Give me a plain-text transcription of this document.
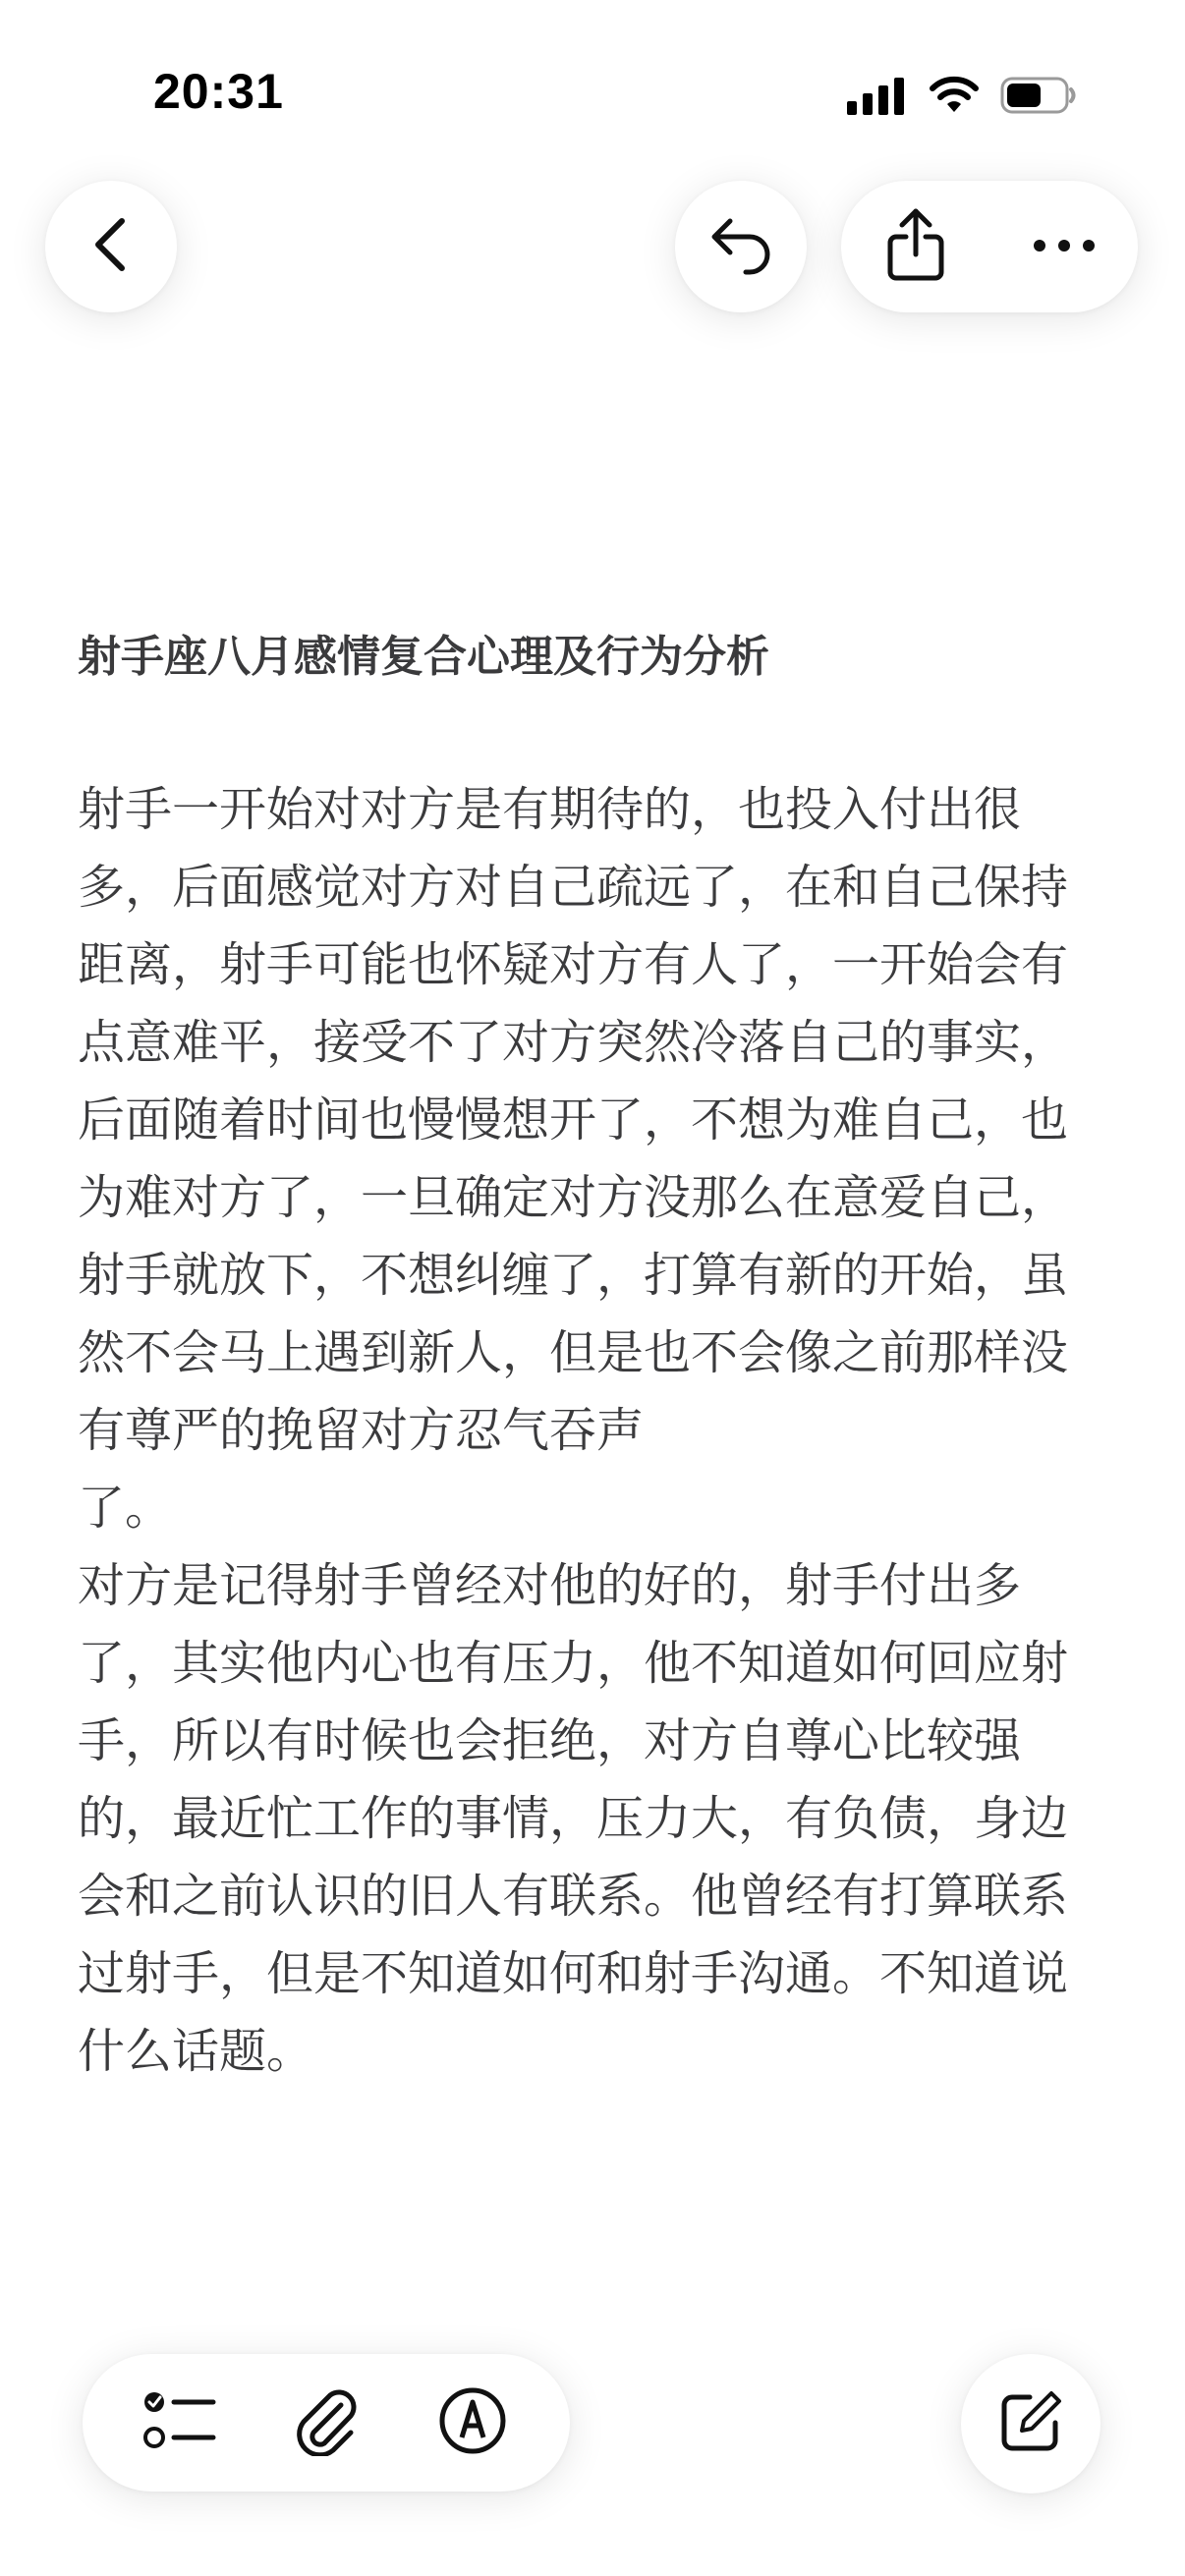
20:31
射手座八月感情复合心理及行为分析

射手一开始对对方是有期待的，也投入付出很多，后面感觉对方对自己疏远了，在和自己保持距离，射手可能也怀疑对方有人了，一开始会有点意难平，接受不了对方突然冷落自己的事实，后面随着时间也慢慢想开了，不想为难自己，也为难对方了，一旦确定对方没那么在意爱自己，射手就放下，不想纠缠了，打算有新的开始，虽然不会马上遇到新人，但是也不会像之前那样没有尊严的挽留对方忍气吞声
了。

对方是记得射手曾经对他的好的，射手付出多了，其实他内心也有压力，他不知道如何回应射手，所以有时候也会拒绝，对方自尊心比较强的，最近忙工作的事情，压力大，有负债，身边会和之前认识的旧人有联系。他曾经有打算联系过射手，但是不知道如何和射手沟通。不知道说什么话题。
